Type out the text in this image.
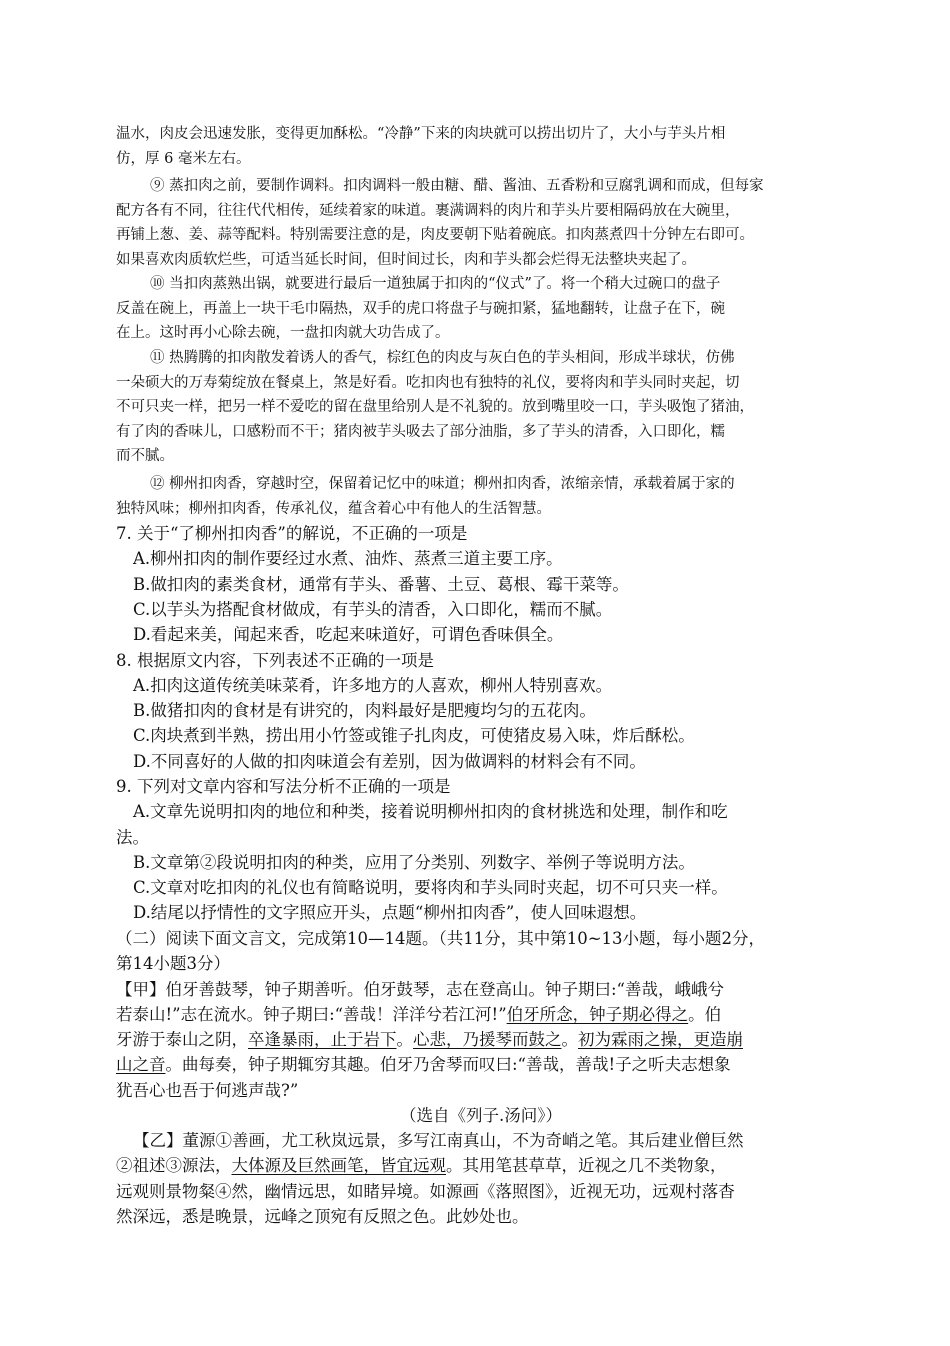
温水，肉皮会迅速发胀，变得更加酥松。“冷静”下来的肉块就可以捞出切片了，大小与芋头片相
仿，厚 6 毫米左右。
⑨ 蒸扣肉之前，要制作调料。扣肉调料一般由糖、醋、酱油、五香粉和豆腐乳调和而成，但每家
配方各有不同，往往代代相传，延续着家的味道。裹满调料的肉片和芋头片要相隔码放在大碗里，
再铺上葱、姜、蒜等配料。特别需要注意的是，肉皮要朝下贴着碗底。扣肉蒸煮四十分钟左右即可。
如果喜欢肉质软烂些，可适当延长时间，但时间过长，肉和芋头都会烂得无法整块夹起了。
⑩ 当扣肉蒸熟出锅，就要进行最后一道独属于扣肉的“仪式”了。将一个稍大过碗口的盘子
反盖在碗上，再盖上一块干毛巾隔热，双手的虎口将盘子与碗扣紧，猛地翻转，让盘子在下，碗
在上。这时再小心除去碗，一盘扣肉就大功告成了。
⑪ 热腾腾的扣肉散发着诱人的香气，棕红色的肉皮与灰白色的芋头相间，形成半球状，仿佛
一朵硕大的万寿菊绽放在餐桌上，煞是好看。吃扣肉也有独特的礼仪，要将肉和芋头同时夹起，切
不可只夹一样，把另一样不爱吃的留在盘里给别人是不礼貌的。放到嘴里咬一口，芋头吸饱了猪油，
有了肉的香味儿，口感粉而不干；猪肉被芋头吸去了部分油脂，多了芋头的清香，入口即化，糯
而不腻。
⑫ 柳州扣肉香，穿越时空，保留着记忆中的味道；柳州扣肉香，浓缩亲情，承载着属于家的
独特风味；柳州扣肉香，传承礼仪，蕴含着心中有他人的生活智慧。
7. 关于“了柳州扣肉香”的解说，不正确的一项是
A.柳州扣肉的制作要经过水煮、油炸、蒸煮三道主要工序。
B.做扣肉的素类食材，通常有芋头、番薯、土豆、葛根、霉干菜等。
C.以芋头为搭配食材做成，有芋头的清香，入口即化，糯而不腻。
D.看起来美，闻起来香，吃起来味道好，可谓色香味俱全。
8. 根据原文内容，下列表述不正确的一项是
A.扣肉这道传统美味菜肴，许多地方的人喜欢，柳州人特别喜欢。
B.做猪扣肉的食材是有讲究的，肉料最好是肥瘦均匀的五花肉。
C.肉块煮到半熟，捞出用小竹签或锥子扎肉皮，可使猪皮易入味，炸后酥松。
D.不同喜好的人做的扣肉味道会有差别，因为做调料的材料会有不同。
9. 下列对文章内容和写法分析不正确的一项是
A.文章先说明扣肉的地位和种类，接着说明柳州扣肉的食材挑选和处理，制作和吃
法。
B.文章第②段说明扣肉的种类，应用了分类别、列数字、举例子等说明方法。
C.文章对吃扣肉的礼仪也有简略说明，要将肉和芋头同时夹起，切不可只夹一样。
D.结尾以抒情性的文字照应开头，点题“柳州扣肉香”，使人回味遐想。
（二）阅读下面文言文，完成第10—14题。（共11分，其中第10~13小题，每小题2分，
第14小题3分）
【甲】伯牙善鼓琴，钟子期善听。伯牙鼓琴，志在登高山。钟子期曰:“善哉，峨峨兮
若泰山!”志在流水。钟子期曰:“善哉！洋洋兮若江河!”伯牙所念，钟子期必得之。伯
牙游于泰山之阴，卒逢暴雨，止于岩下。心悲，乃援琴而鼓之。初为霖雨之操，更造崩
山之音。曲每奏，钟子期辄穷其趣。伯牙乃舍琴而叹曰:“善哉，善哉!子之听夫志想象
犹吾心也吾于何逃声哉?”
（选自《列子.汤问》）
【乙】董源①善画，尤工秋岚远景，多写江南真山，不为奇峭之笔。其后建业僧巨然
②祖述③源法，大体源及巨然画笔，皆宜远观。其用笔甚草草，近视之几不类物象，
远观则景物粲④然，幽情远思，如睹异境。如源画《落照图》，近视无功，远观村落杳
然深远，悉是晚景，远峰之顶宛有反照之色。此妙处也。
